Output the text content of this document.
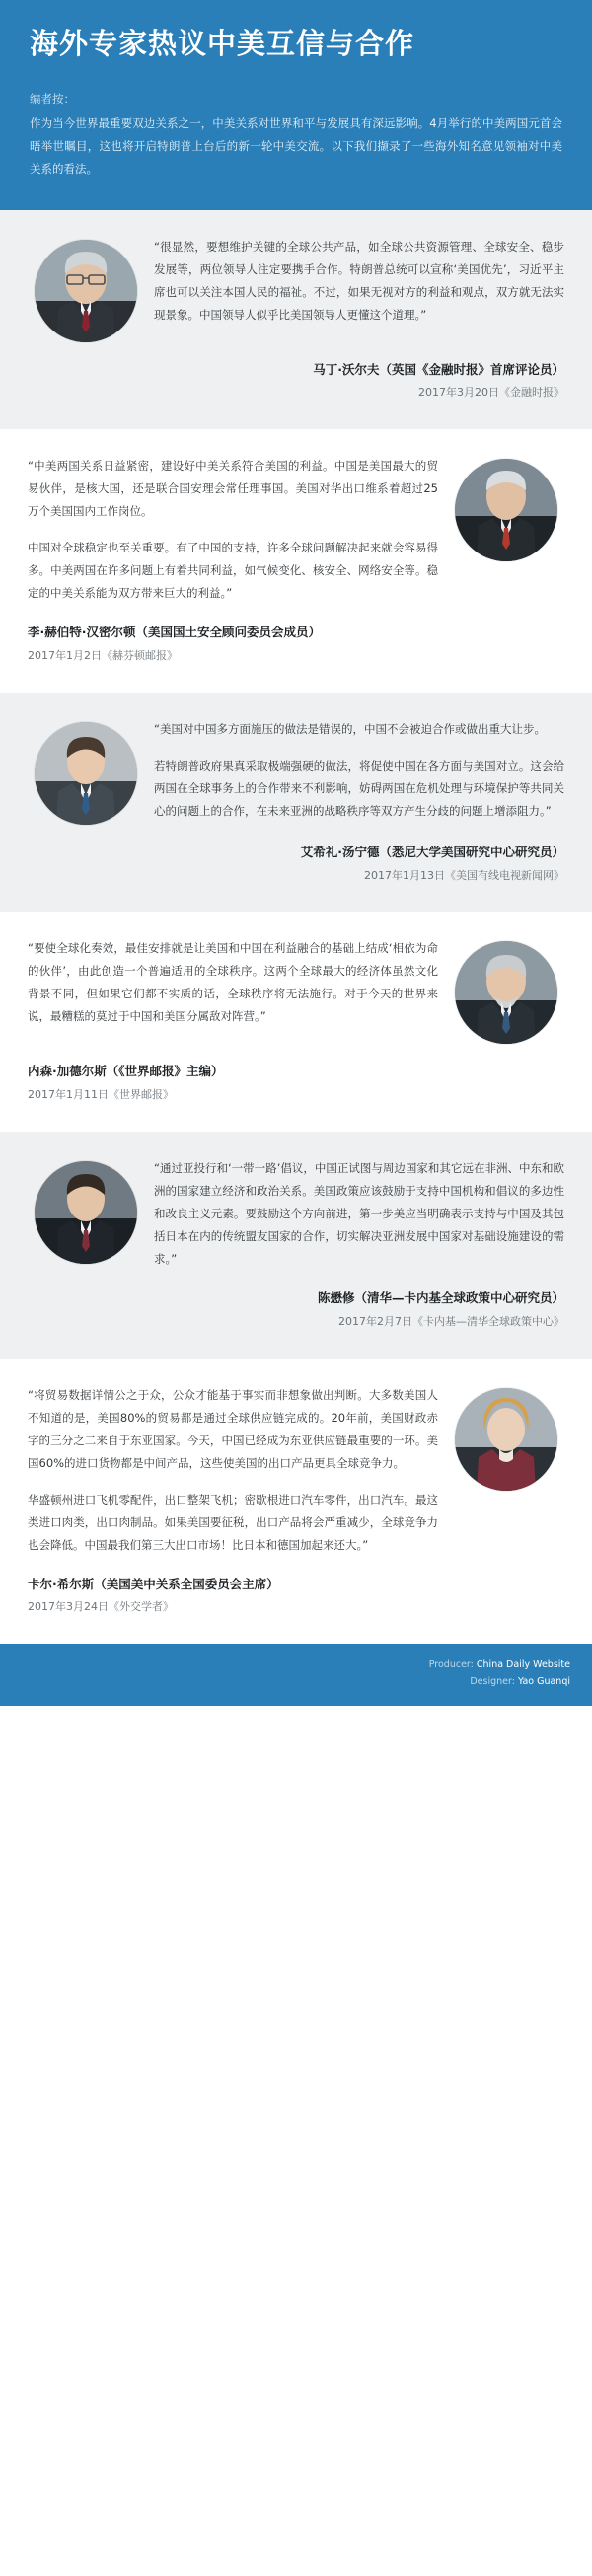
海外专家热议中美互信与合作
编者按：
作为当今世界最重要双边关系之一，中美关系对世界和平与发展具有深远影响。4月举行的中美两国元首会晤举世瞩目，这也将开启特朗普上台后的新一轮中美交流。以下我们撷录了一些海外知名意见领袖对中美关系的看法。

“很显然，要想维护关键的全球公共产品，如全球公共资源管理、全球安全、稳步发展等，两位领导人注定要携手合作。特朗普总统可以宣称‘美国优先’，习近平主席也可以关注本国人民的福祉。不过，如果无视对方的利益和观点，双方就无法实现景象。中国领导人似乎比美国领导人更懂这个道理。”

马丁·沃尔夫（英国《金融时报》首席评论员）
2017年3月20日《金融时报》

“中美两国关系日益紧密，建设好中美关系符合美国的利益。中国是美国最大的贸易伙伴，是核大国，还是联合国安理会常任理事国。美国对华出口维系着超过25万个美国国内工作岗位。

中国对全球稳定也至关重要。有了中国的支持，许多全球问题解决起来就会容易得多。中美两国在许多问题上有着共同利益，如气候变化、核安全、网络安全等。稳定的中美关系能为双方带来巨大的利益。”

李·赫伯特·汉密尔顿（美国国土安全顾问委员会成员）
2017年1月2日《赫芬顿邮报》

“美国对中国多方面施压的做法是错误的，中国不会被迫合作或做出重大让步。

若特朗普政府果真采取极端强硬的做法，将促使中国在各方面与美国对立。这会给两国在全球事务上的合作带来不利影响，妨碍两国在危机处理与环境保护等共同关心的问题上的合作，在未来亚洲的战略秩序等双方产生分歧的问题上增添阻力。”

艾希礼·汤宁德（悉尼大学美国研究中心研究员）
2017年1月13日《美国有线电视新闻网》

“要使全球化奏效，最佳安排就是让美国和中国在利益融合的基础上结成‘相依为命的伙伴’，由此创造一个普遍适用的全球秩序。这两个全球最大的经济体虽然文化背景不同，但如果它们都不实质的话，全球秩序将无法施行。对于今天的世界来说，最糟糕的莫过于中国和美国分属敌对阵营。”

内森·加德尔斯（《世界邮报》主编）
2017年1月11日《世界邮报》

“通过亚投行和‘一带一路’倡议，中国正试图与周边国家和其它远在非洲、中东和欧洲的国家建立经济和政治关系。美国政策应该鼓励于支持中国机构和倡议的多边性和改良主义元素。要鼓励这个方向前进，第一步美应当明确表示支持与中国及其包括日本在内的传统盟友国家的合作，切实解决亚洲发展中国家对基础设施建设的需求。”

陈懋修（清华—卡内基全球政策中心研究员）
2017年2月7日《卡内基—清华全球政策中心》

“将贸易数据详情公之于众，公众才能基于事实而非想象做出判断。大多数美国人不知道的是，美国80%的贸易都是通过全球供应链完成的。20年前，美国财政赤字的三分之二来自于东亚国家。今天，中国已经成为东亚供应链最重要的一环。美国60%的进口货物都是中间产品，这些使美国的出口产品更具全球竞争力。

华盛顿州进口飞机零配件，出口整架飞机；密歇根进口汽车零件，出口汽车。最这类进口肉类，出口肉制品。如果美国要征税，出口产品将会严重减少，全球竞争力也会降低。中国最我们第三大出口市场！比日本和德国加起来还大。”

卡尔·希尔斯（美国美中关系全国委员会主席）
2017年3月24日《外交学者》
Producer: China Daily Website
Designer: Yao Guanqi
